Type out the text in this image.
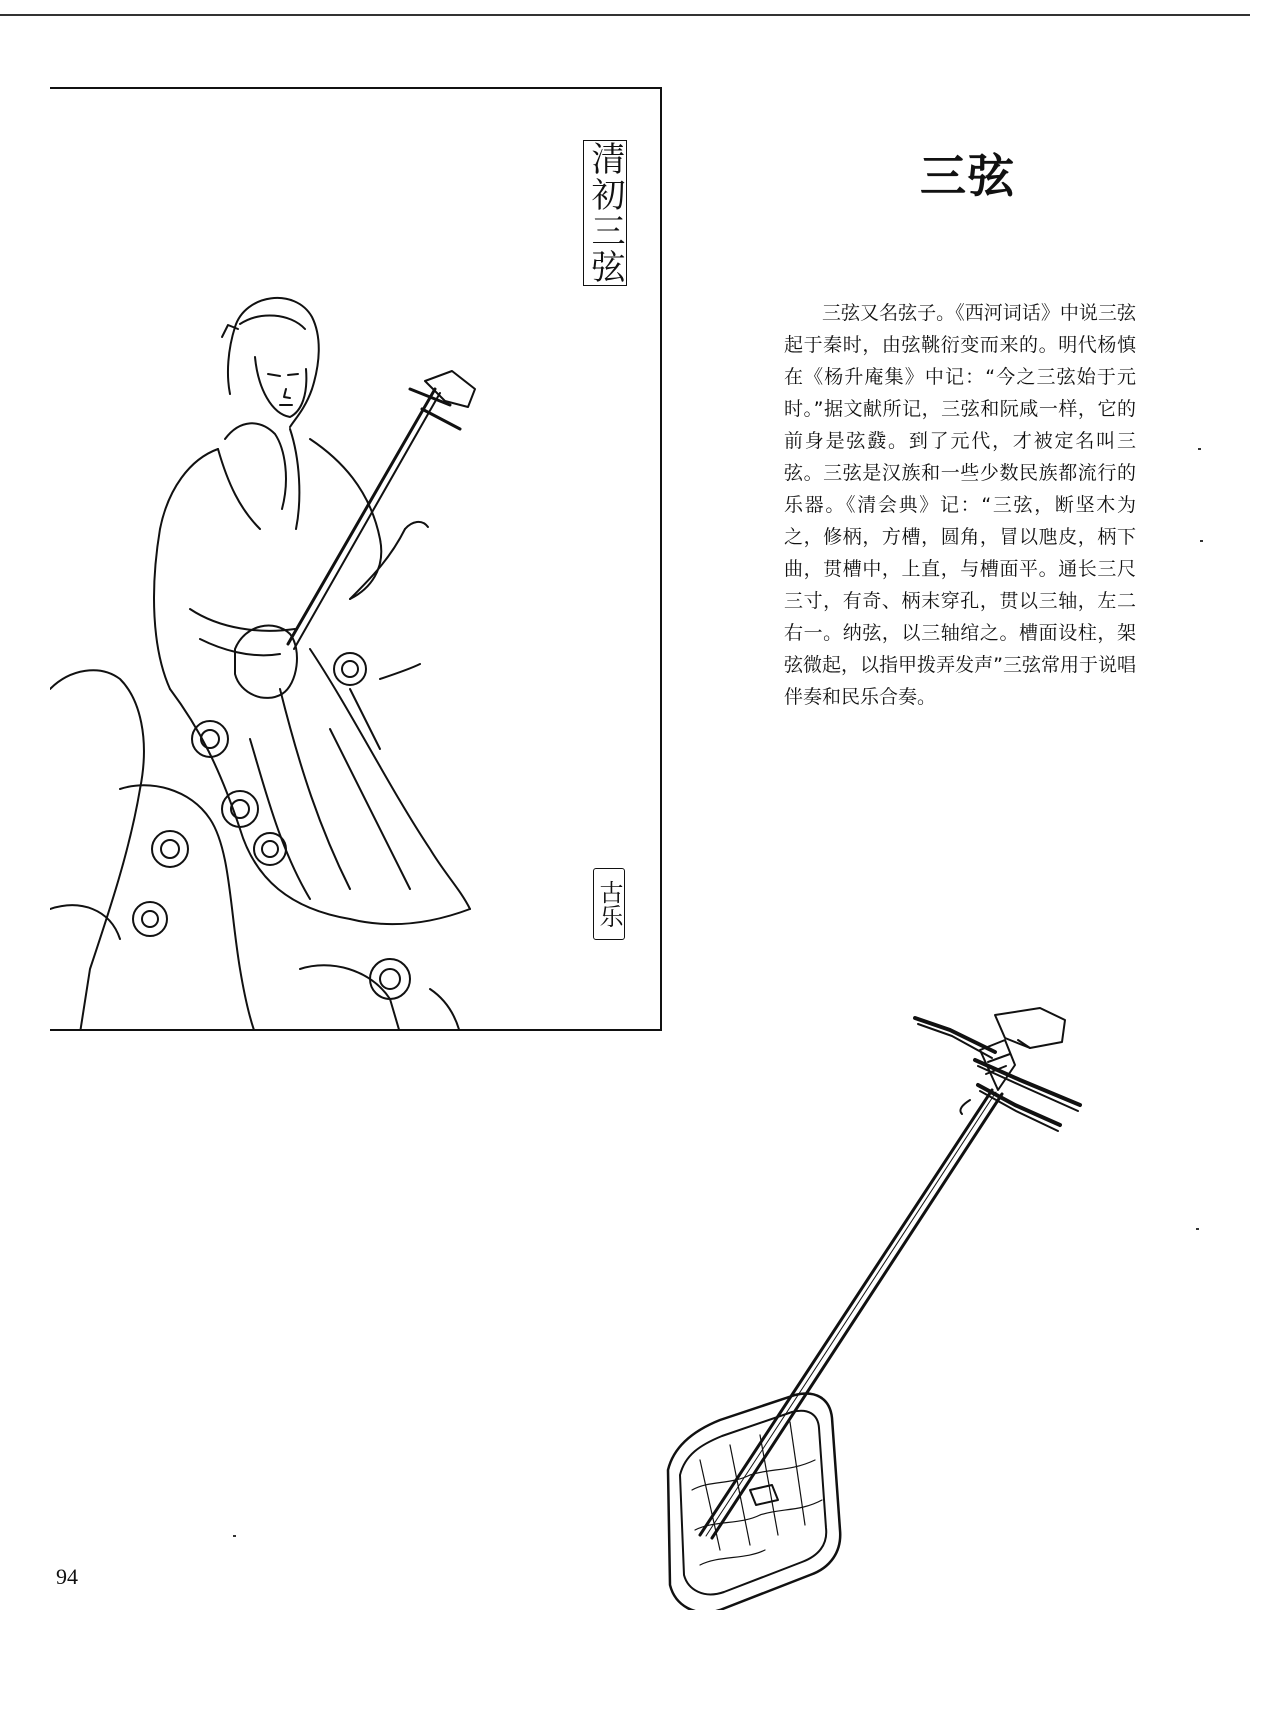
清初三弦
古乐
三弦
三弦又名弦子。《西河词话》中说三弦起于秦时，由弦鞉衍变而来的。明代杨慎在《杨升庵集》中记：“今之三弦始于元时。”据文献所记，三弦和阮咸一样，它的前身是弦鼗。到了元代，才被定名叫三弦。三弦是汉族和一些少数民族都流行的乐器。《清会典》记：“三弦，断坚木为之，修柄，方槽，圆角，冒以虺皮，柄下曲，贯槽中，上直，与槽面平。通长三尺三寸，有奇、柄末穿孔，贯以三轴，左二右一。纳弦，以三轴绾之。槽面设柱，架弦微起，以指甲拨弄发声”三弦常用于说唱伴奏和民乐合奏。
94
